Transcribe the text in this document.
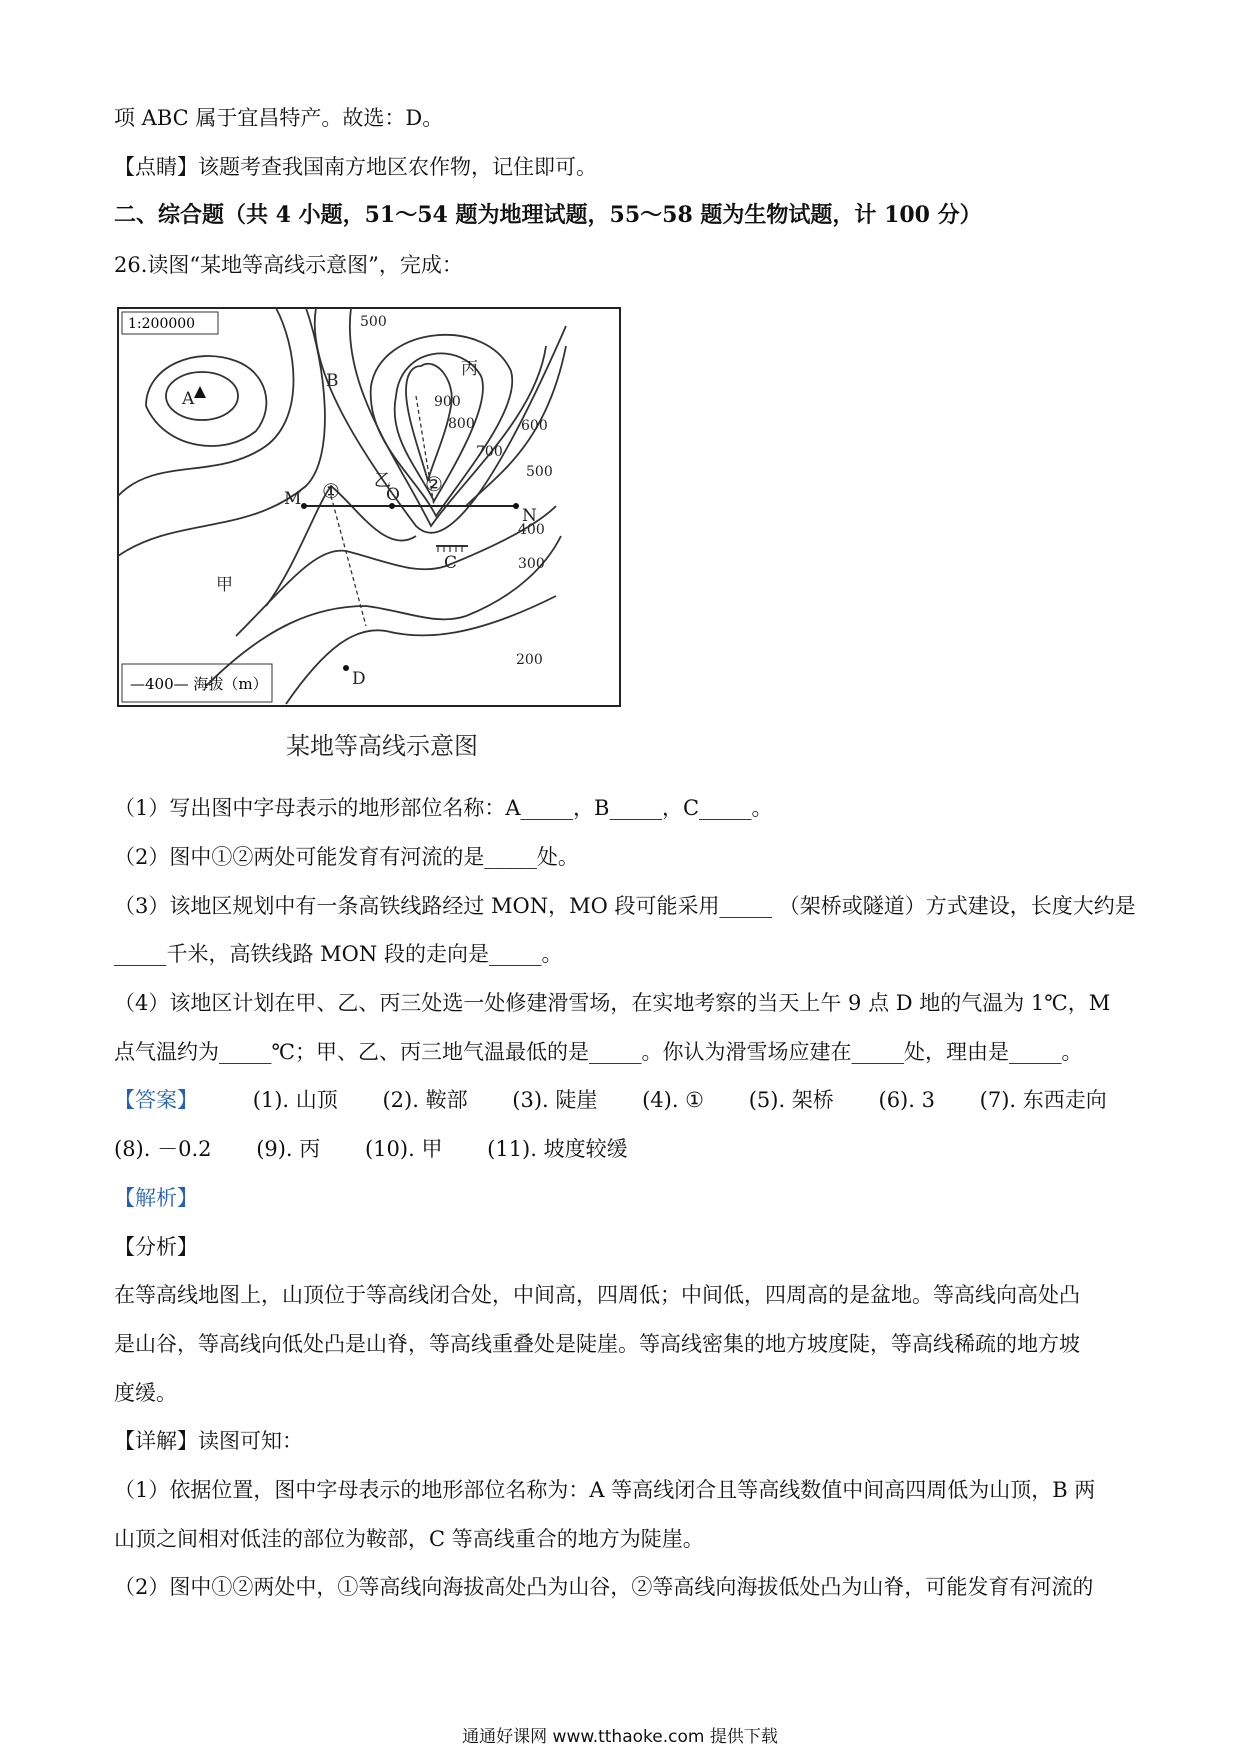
项 ABC 属于宜昌特产。故选：D。
【点睛】该题考查我国南方地区农作物，记住即可。
二、综合题（共 4 小题，51～54 题为地理试题，55～58 题为生物试题，计 100 分）
26.读图“某地等高线示意图”，完成：
1:200000
—400— 海拔（m）
A
B
C
D
M
N
O
甲
乙
丙
①	②
500
900
800
700
600
500
400
300
200
某地等高线示意图
（1）写出图中字母表示的地形部位名称：A_____，B_____，C_____。
（2）图中①②两处可能发育有河流的是_____处。
（3）该地区规划中有一条高铁线路经过 MON，MO 段可能采用_____ （架桥或隧道）方式建设，长度大约是
_____千米，高铁线路 MON 段的走向是_____。
（4）该地区计划在甲、乙、丙三处选一处修建滑雪场，在实地考察的当天上午 9 点 D 地的气温为 1℃，M
点气温约为_____℃；甲、乙、丙三地气温最低的是_____。你认为滑雪场应建在_____处，理由是_____。
【答案】	(1). 山顶 (2). 鞍部 (3). 陡崖 (4). ① (5). 架桥 (6). 3 (7). 东西走向
(8). －0.2 (9). 丙 (10). 甲 (11). 坡度较缓
【解析】
【分析】
在等高线地图上，山顶位于等高线闭合处，中间高，四周低；中间低，四周高的是盆地。等高线向高处凸
是山谷，等高线向低处凸是山脊，等高线重叠处是陡崖。等高线密集的地方坡度陡，等高线稀疏的地方坡
度缓。
【详解】读图可知：
（1）依据位置，图中字母表示的地形部位名称为：A 等高线闭合且等高线数值中间高四周低为山顶，B 两
山顶之间相对低洼的部位为鞍部，C 等高线重合的地方为陡崖。
（2）图中①②两处中，①等高线向海拔高处凸为山谷，②等高线向海拔低处凸为山脊，可能发育有河流的
通通好课网 www.tthaoke.com 提供下载
